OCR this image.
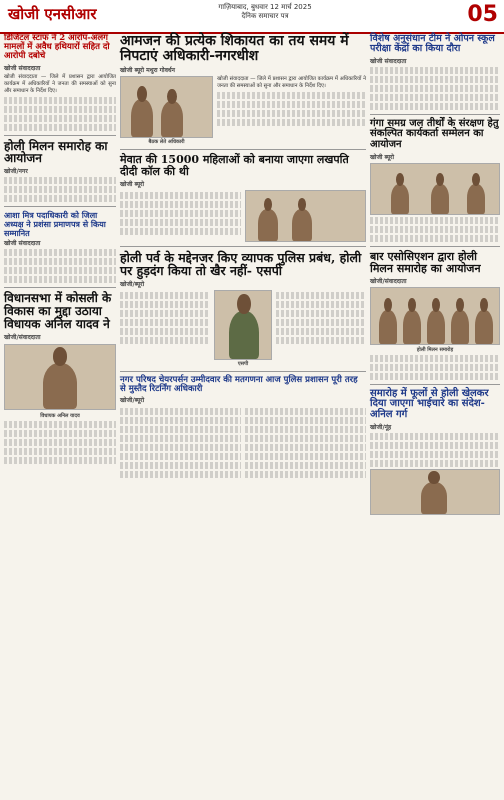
खोजी एनसीआर	गाज़ियाबाद, बुधवार 12 मार्च 2025
दैनिक समाचार पत्र	05
डिजिटल स्टाफ ने 2 आरोप-अलग मामलों में अवैध हथियारों सहित दो आरोपी दबोचे
खोजी संवाददाता
खोजी संवाददाता — जिले में प्रशासन द्वारा आयोजित कार्यक्रम में अधिकारियों ने जनता की समस्याओं को सुना और समाधान के निर्देश दिए।
होली मिलन समारोह का आयोजन
खोजी/नगर
आशा मित्र पदाधिकारी को जिला अध्यक्ष ने प्रशंसा प्रमाणपत्र से किया सम्मानित
खोजी संवाददाता
विधानसभा में कोसली के विकास का मुद्दा उठाया विधायक अनिल यादव ने
खोजी/संवाददाता
विधायक अनिल यादव
आमजन की प्रत्येक शिकायत का तय समय में निपटाएं अधिकारी-नगरधीश
खोजी ब्यूरो मथुरा गोवर्धन
बैठक लेते अधिकारी
खोजी संवाददाता — जिले में प्रशासन द्वारा आयोजित कार्यक्रम में अधिकारियों ने जनता की समस्याओं को सुना और समाधान के निर्देश दिए।
मेवात की 15000 महिलाओं को बनाया जाएगा लखपति दीदी कॉल की थी
खोजी ब्यूरो
होली पर्व के मद्देनजर किए व्यापक पुलिस प्रबंध, होली पर हुड़दंग किया तो खैर नहीं- एसपी
खोजी/ब्यूरो
एसपी
नगर परिषद चेयरपर्सन उम्मीदवार की मतगणना आज पुलिस प्रशासन पूरी तरह से मुस्तैद रिटर्निंग अधिकारी
खोजी/ब्यूरो
विशेष अनुसंधान टीम ने ओपन स्कूल परीक्षा केंद्रों का किया दौरा
खोजी संवाददाता
गंगा समग्र जल तीर्थों के संरक्षण हेतु संकल्पित कार्यकर्ता सम्मेलन का आयोजन
खोजी ब्यूरो
बार एसोसिएशन द्वारा होली मिलन समारोह का आयोजन
खोजी/संवाददाता
होली मिलन समारोह
समारोह में फूलों से होली खेलकर दिया जाएगा भाईचारे का संदेश-अनिल गर्ग
खोजी/नूंह
